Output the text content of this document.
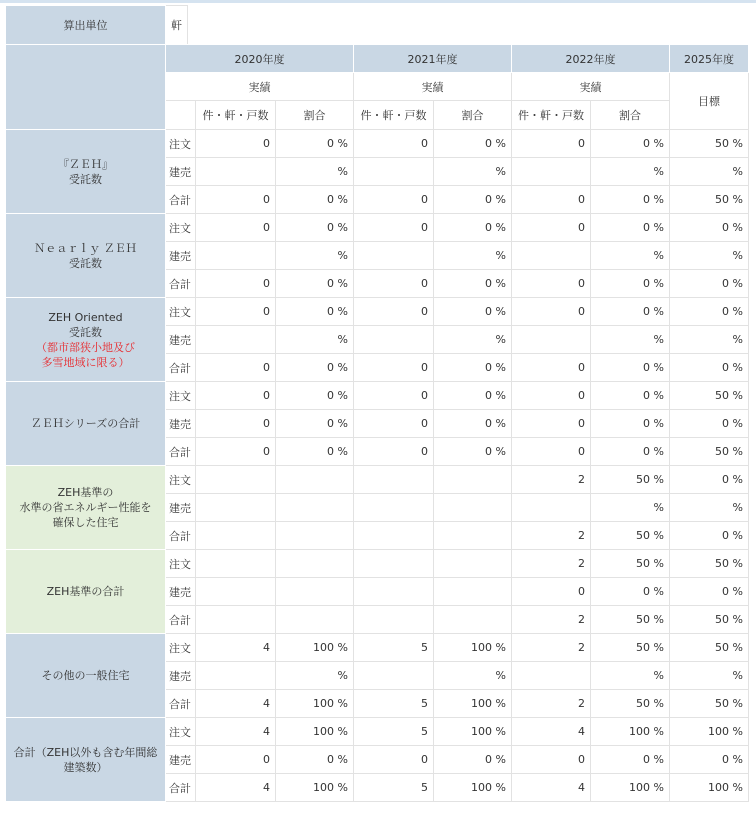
算出単位	軒
	2020年度			2021年度		2022年度		2025年度
	実績			実績		実績		目標
		件・軒・戸数	割合	件・軒・戸数	割合	件・軒・戸数	割合	

『ＺＥＨ』
受託数	注文	0	0 %	0	0 %	0	0 %	50 %
	建売		%		%		%	%
	合計	0	0 %	0	0 %	0	0 %	50 %

Ｎｅａｒｌｙ ＺＥＨ
受託数	注文	0	0 %	0	0 %	0	0 %	0 %
	建売		%		%		%	%
	合計	0	0 %	0	0 %	0	0 %	0 %

ZEH Oriented
受託数
（都市部狭小地及び
多雪地域に限る）	注文	0	0 %	0	0 %	0	0 %	0 %
	建売		%		%		%	%
	合計	0	0 %	0	0 %	0	0 %	0 %

ＺＥＨシリーズの合計	注文	0	0 %	0	0 %	0	0 %	50 %
	建売	0	0 %	0	0 %	0	0 %	0 %
	合計	0	0 %	0	0 %	0	0 %	50 %

ZEH基準の
水準の省エネルギー性能を
確保した住宅	注文					2	50 %	0 %
	建売						%	%
	合計					2	50 %	0 %

ZEH基準の合計	注文					2	50 %	50 %
	建売					0	0 %	0 %
	合計					2	50 %	50 %

その他の一般住宅	注文	4	100 %	5	100 %	2	50 %	50 %
	建売		%		%		%	%
	合計	4	100 %	5	100 %	2	50 %	50 %

合計（ZEH以外も含む年間総
建築数）	注文	4	100 %	5	100 %	4	100 %	100 %
	建売	0	0 %	0	0 %	0	0 %	0 %
	合計	4	100 %	5	100 %	4	100 %	100 %
